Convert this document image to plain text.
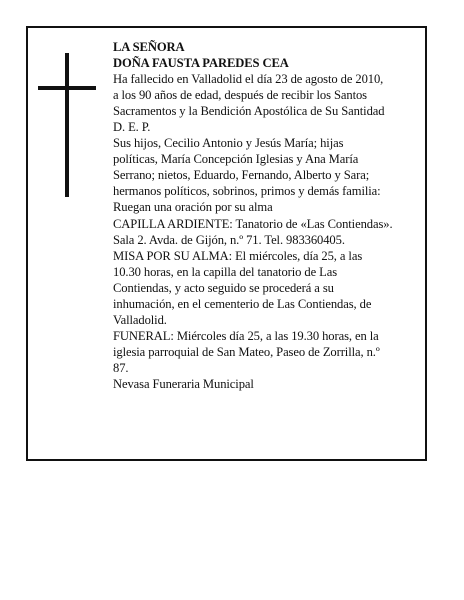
LA SEÑORA
DOÑA FAUSTA PAREDES CEA
Ha fallecido en Valladolid el día 23 de agosto de 2010,
a los 90 años de edad, después de recibir los Santos
Sacramentos y la Bendición Apostólica de Su Santidad
D. E. P.
Sus hijos, Cecilio Antonio y Jesús María; hijas
políticas, María Concepción Iglesias y Ana María
Serrano; nietos, Eduardo, Fernando, Alberto y Sara;
hermanos políticos, sobrinos, primos y demás familia:
Ruegan una oración por su alma
CAPILLA ARDIENTE: Tanatorio de «Las Contiendas».
Sala 2. Avda. de Gijón, n.º 71. Tel. 983360405.
MISA POR SU ALMA: El miércoles, día 25, a las
10.30 horas, en la capilla del tanatorio de Las
Contiendas, y acto seguido se procederá a su
inhumación, en el cementerio de Las Contiendas, de
Valladolid.
FUNERAL: Miércoles día 25, a las 19.30 horas, en la
iglesia parroquial de San Mateo, Paseo de Zorrilla, n.º
87.
Nevasa Funeraria Municipal
